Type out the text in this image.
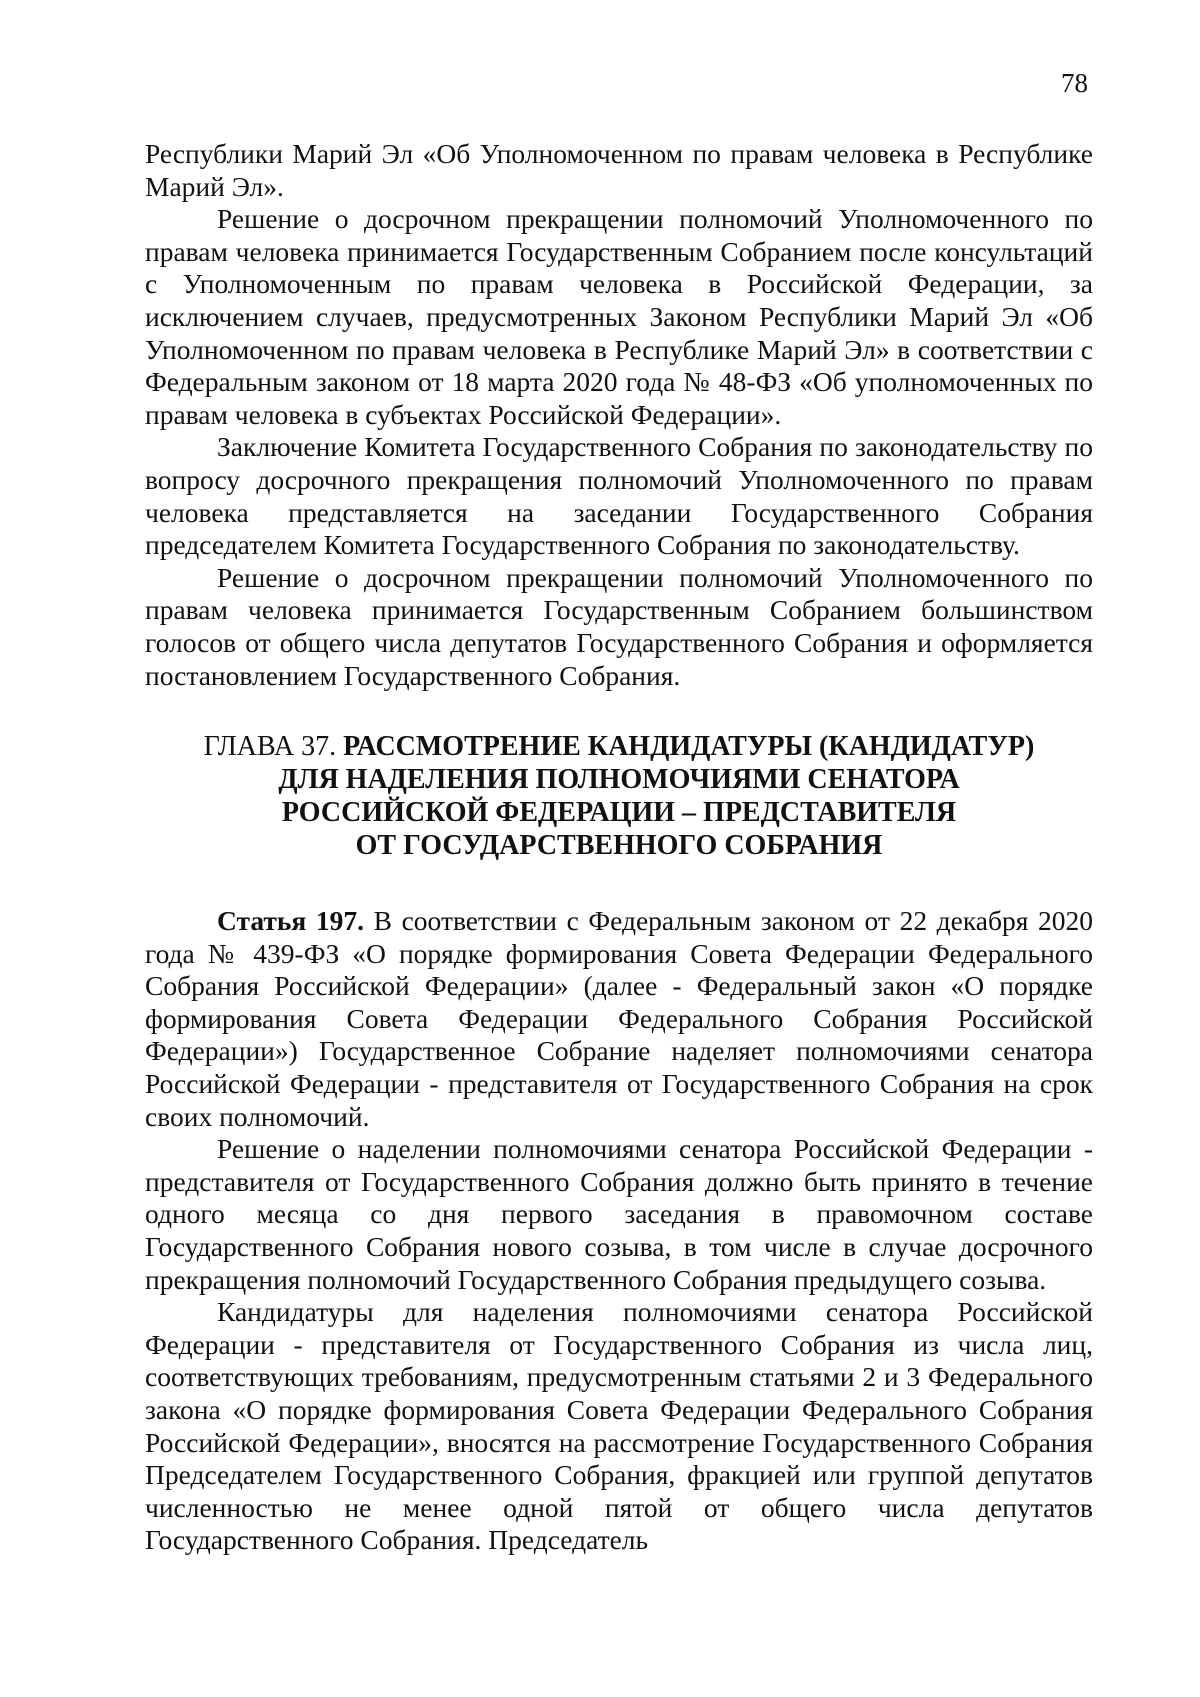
78

Республики Марий Эл «Об Уполномоченном по правам человека в Республике Марий Эл».

Решение о досрочном прекращении полномочий Уполномоченного по правам человека принимается Государственным Собранием после консультаций с Уполномоченным по правам человека в Российской Федерации, за исключением случаев, предусмотренных Законом Республики Марий Эл «Об Уполномоченном по правам человека в Республике Марий Эл» в соответствии с Федеральным законом от 18 марта 2020 года № 48-ФЗ «Об уполномоченных по правам человека в субъектах Российской Федерации».

Заключение Комитета Государственного Собрания по законодательству по вопросу досрочного прекращения полномочий Уполномоченного по правам человека представляется на заседании Государственного Собрания председателем Комитета Государственного Собрания по законодательству.

Решение о досрочном прекращении полномочий Уполномоченного по правам человека принимается Государственным Собранием большинством голосов от общего числа депутатов Государственного Собрания и оформляется постановлением Государственного Собрания.

ГЛАВА 37. РАССМОТРЕНИЕ КАНДИДАТУРЫ (КАНДИДАТУР)
ДЛЯ НАДЕЛЕНИЯ ПОЛНОМОЧИЯМИ СЕНАТОРА
РОССИЙСКОЙ ФЕДЕРАЦИИ – ПРЕДСТАВИТЕЛЯ
ОТ ГОСУДАРСТВЕННОГО СОБРАНИЯ

Статья 197. В соответствии с Федеральным законом от 22 декабря 2020 года № 439-ФЗ «О порядке формирования Совета Федерации Федерального Собрания Российской Федерации» (далее - Федеральный закон «О порядке формирования Совета Федерации Федерального Собрания Российской Федерации») Государственное Собрание наделяет полномочиями сенатора Российской Федерации - представителя от Государственного Собрания на срок своих полномочий.

Решение о наделении полномочиями сенатора Российской Федерации - представителя от Государственного Собрания должно быть принято в течение одного месяца со дня первого заседания в правомочном составе Государственного Собрания нового созыва, в том числе в случае досрочного прекращения полномочий Государственного Собрания предыдущего созыва.

Кандидатуры для наделения полномочиями сенатора Российской Федерации - представителя от Государственного Собрания из числа лиц, соответствующих требованиям, предусмотренным статьями 2 и 3 Федерального закона «О порядке формирования Совета Федерации Федерального Собрания Российской Федерации», вносятся на рассмотрение Государственного Собрания Председателем Государственного Собрания, фракцией или группой депутатов численностью не менее одной пятой от общего числа депутатов Государственного Собрания. Председатель
